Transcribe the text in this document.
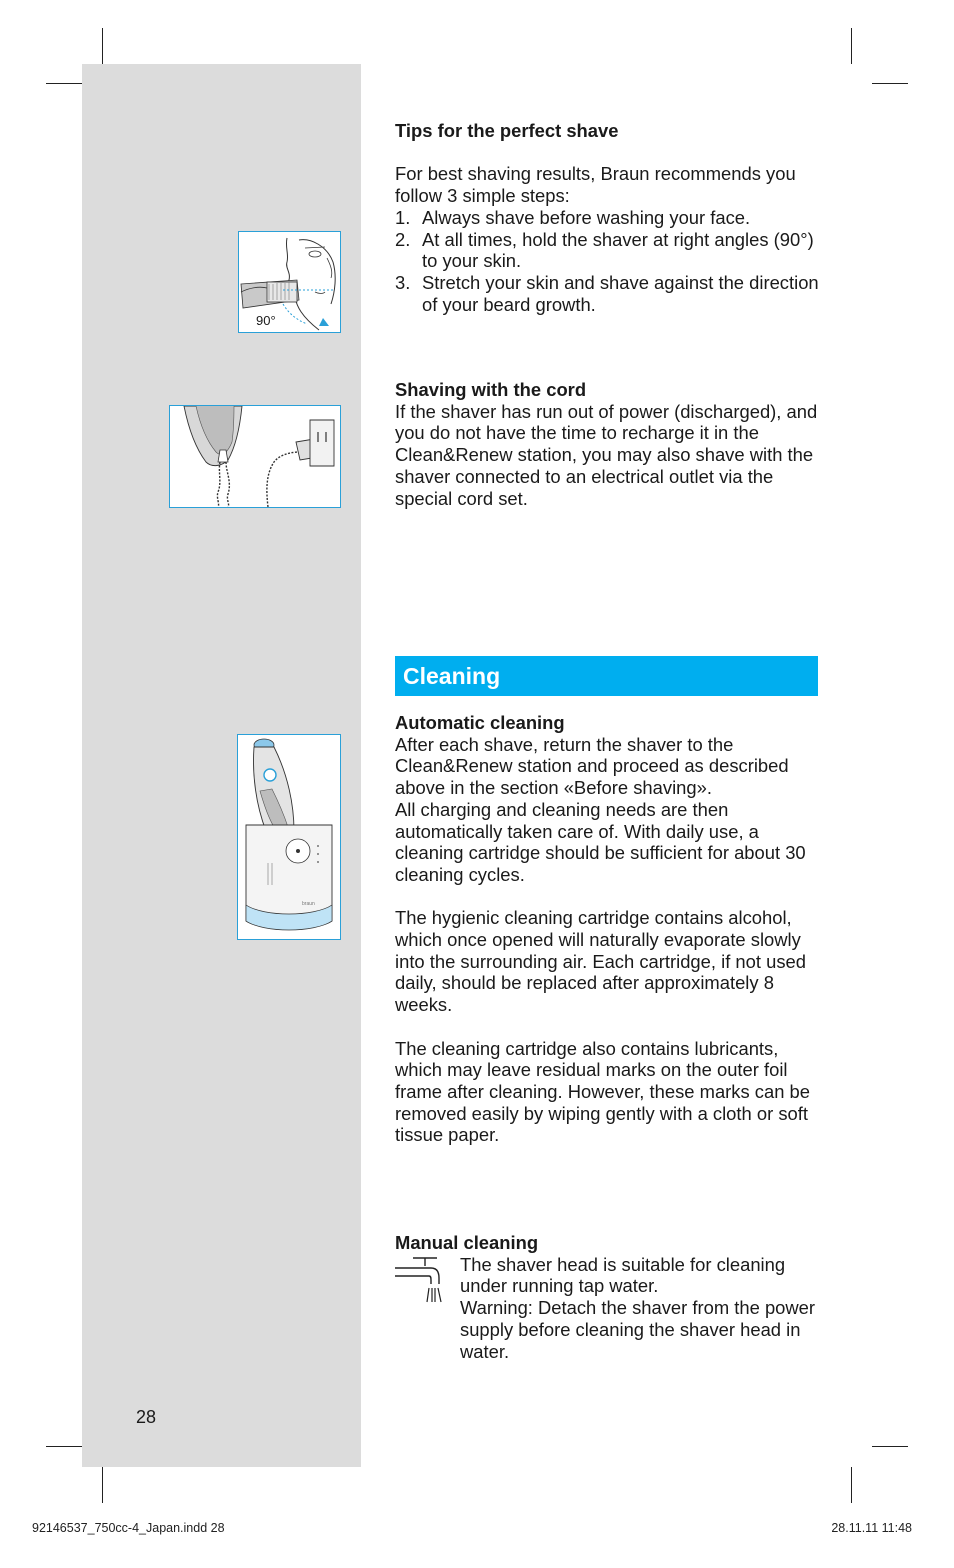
90°
braun

Tips for the perfect shave

For best shaving results, Braun recommends you follow 3 simple steps:

1. Always shave before washing your face.
2. At all times, hold the shaver at right angles (90°) to your skin.
3. Stretch your skin and shave against the direction of your beard growth.

Shaving with the cord

If the shaver has run out of power (discharged), and you do not have the time to recharge it in the Clean&Renew station, you may also shave with the shaver connected to an electrical outlet via the special cord set.

Cleaning

Automatic cleaning

After each shave, return the shaver to the Clean&Renew station and proceed as described above in the section «Before shaving».

All charging and cleaning needs are then automatically taken care of. With daily use, a cleaning cartridge should be sufficient for about 30 cleaning cycles.

The hygienic cleaning cartridge contains alcohol, which once opened will naturally evaporate slowly into the surrounding air. Each cartridge, if not used daily, should be replaced after approximately 8 weeks.

The cleaning cartridge also contains lubricants, which may leave residual marks on the outer foil frame after cleaning. However, these marks can be removed easily by wiping gently with a cloth or soft tissue paper.

Manual cleaning

The shaver head is suitable for cleaning under running tap water.

Warning: Detach the shaver from the power supply before cleaning the shaver head in water.

28
92146537_750cc-4_Japan.indd 28	28.11.11 11:48
